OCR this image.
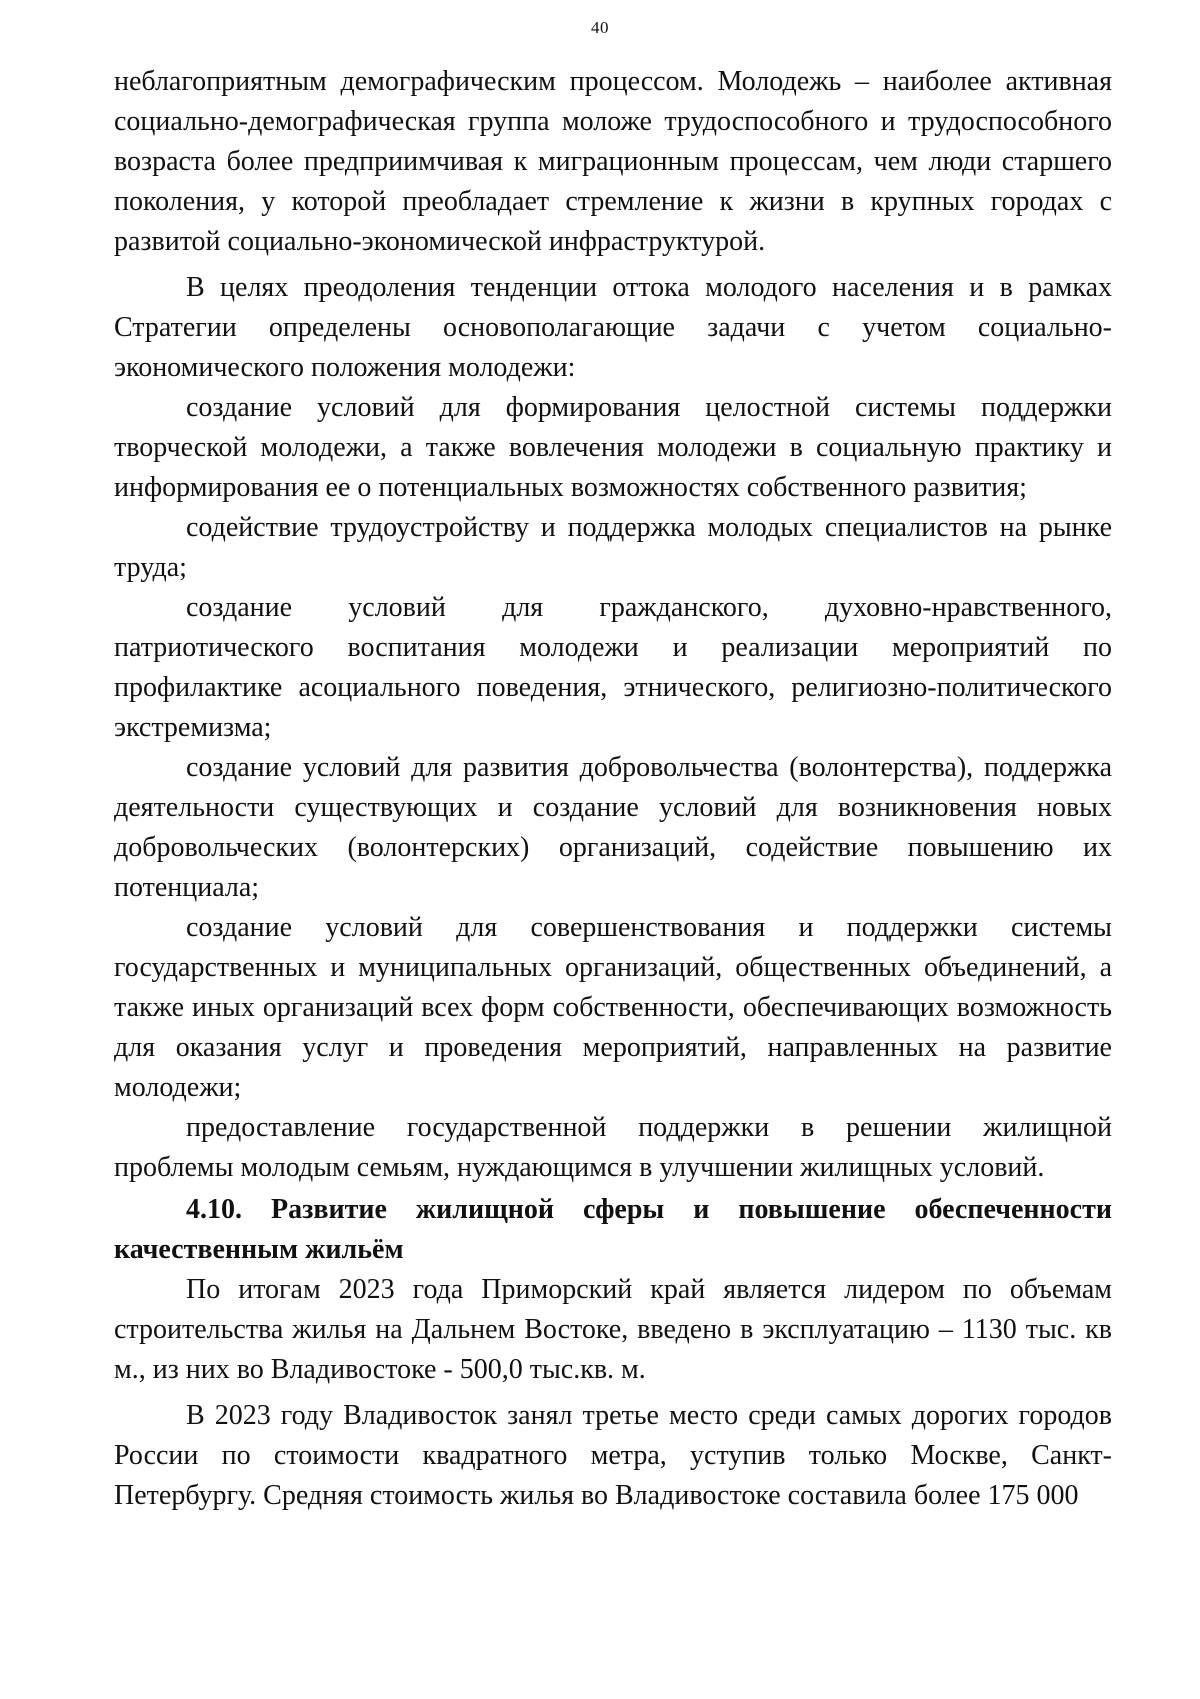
40

неблагоприятным демографическим процессом. Молодежь – наиболее активная социально-демографическая группа моложе трудоспособного и трудоспособного возраста более предприимчивая к миграционным процессам, чем люди старшего поколения, у которой преобладает стремление к жизни в крупных городах с развитой социально-экономической инфраструктурой.

В целях преодоления тенденции оттока молодого населения и в рамках Стратегии определены основополагающие задачи с учетом социально-экономического положения молодежи:

создание условий для формирования целостной системы поддержки творческой молодежи, а также вовлечения молодежи в социальную практику и информирования ее о потенциальных возможностях собственного развития;

содействие трудоустройству и поддержка молодых специалистов на рынке труда;

создание условий для гражданского, духовно-нравственного, патриотического воспитания молодежи и реализации мероприятий по профилактике асоциального поведения, этнического, религиозно-политического экстремизма;

создание условий для развития добровольчества (волонтерства), поддержка деятельности существующих и создание условий для возникновения новых добровольческих (волонтерских) организаций, содействие повышению их потенциала;

создание условий для совершенствования и поддержки системы государственных и муниципальных организаций, общественных объединений, а также иных организаций всех форм собственности, обеспечивающих возможность для оказания услуг и проведения мероприятий, направленных на развитие молодежи;

предоставление государственной поддержки в решении жилищной проблемы молодым семьям, нуждающимся в улучшении жилищных условий.

4.10. Развитие жилищной сферы и повышение обеспеченности качественным жильём

По итогам 2023 года Приморский край является лидером по объемам строительства жилья на Дальнем Востоке, введено в эксплуатацию – 1130 тыс. кв м., из них во Владивостоке - 500,0 тыс.кв. м.

В 2023 году Владивосток занял третье место среди самых дорогих городов России по стоимости квадратного метра, уступив только Москве, Санкт-Петербургу. Средняя стоимость жилья во Владивостоке составила более 175 000
